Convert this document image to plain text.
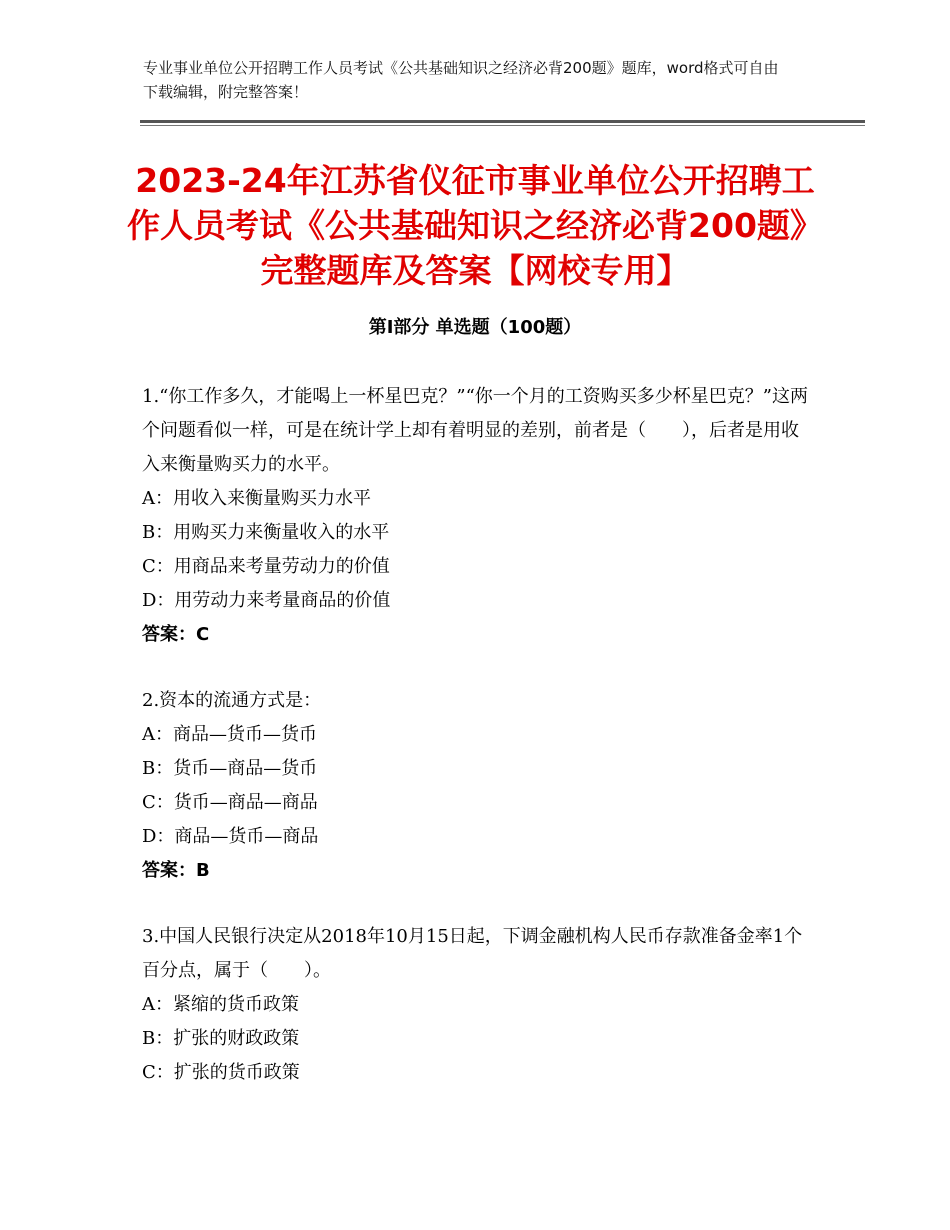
专业事业单位公开招聘工作人员考试《公共基础知识之经济必背200题》题库，word格式可自由下载编辑，附完整答案！
2023-24年江苏省仪征市事业单位公开招聘工作人员考试《公共基础知识之经济必背200题》完整题库及答案【网校专用】
第Ⅰ部分 单选题（100题）

1.“你工作多久，才能喝上一杯星巴克？”“你一个月的工资购买多少杯星巴克？”这两个问题看似一样，可是在统计学上却有着明显的差别，前者是（　　），后者是用收入来衡量购买力的水平。

A：用收入来衡量购买力水平

B：用购买力来衡量收入的水平

C：用商品来考量劳动力的价值

D：用劳动力来考量商品的价值

答案：C

2.资本的流通方式是：

A：商品—货币—货币

B：货币—商品—货币

C：货币—商品—商品

D：商品—货币—商品

答案：B

3.中国人民银行决定从2018年10月15日起，下调金融机构人民币存款准备金率1个百分点，属于（　　）。

A：紧缩的货币政策

B：扩张的财政政策

C：扩张的货币政策
